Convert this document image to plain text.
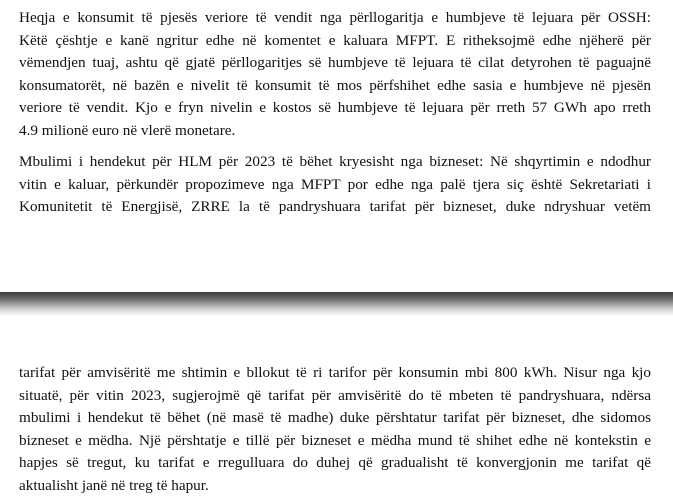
Heqja e konsumit të pjesës veriore të vendit nga përllogaritja e humbjeve të lejuara për OSSH:
Këtë çështje e kanë ngritur edhe në komentet e kaluara MFPT. E ritheksojmë edhe njëherë për
vëmendjen tuaj, ashtu që gjatë përllogaritjes së humbjeve të lejuara të cilat detyrohen të paguajnë
konsumatorët, në bazën e nivelit të konsumit të mos përfshihet edhe sasia e humbjeve në pjesën
veriore të vendit. Kjo e fryn nivelin e kostos së humbjeve të lejuara për rreth 57 GWh apo rreth
4.9 milionë euro në vlerë monetare.
Mbulimi i hendekut për HLM për 2023 të bëhet kryesisht nga bizneset: Në shqyrtimin e ndodhur
vitin e kaluar, përkundër propozimeve nga MFPT por edhe nga palë tjera siç është Sekretariati i
Komunitetit të Energjisë, ZRRE la të pandryshuara tarifat për bizneset, duke ndryshuar vetëm
tarifat për amvisëritë me shtimin e bllokut të ri tarifor për konsumin mbi 800 kWh. Nisur nga kjo
situatë, për vitin 2023, sugjerojmë që tarifat për amvisëritë do të mbeten të pandryshuara, ndërsa
mbulimi i hendekut të bëhet (në masë të madhe) duke përshtatur tarifat për bizneset, dhe sidomos
bizneset e mëdha. Një përshtatje e tillë për bizneset e mëdha mund të shihet edhe në kontekstin e
hapjes së tregut, ku tarifat e rregulluara do duhej që gradualisht të konvergjonin me tarifat që
aktualisht janë në treg të hapur.
